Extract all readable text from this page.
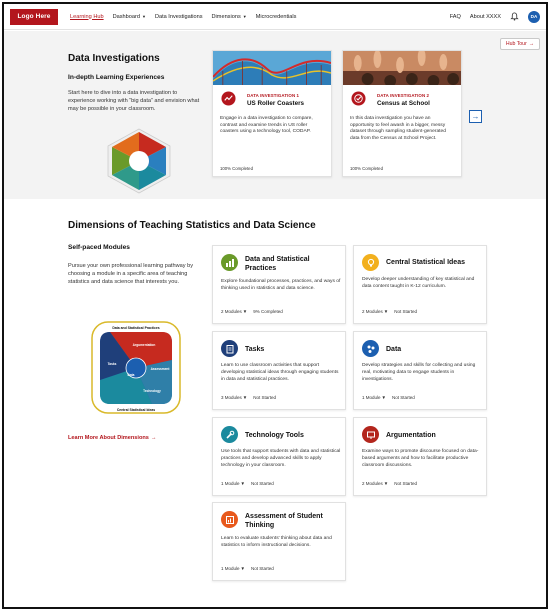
Logo Here	Learning Hub Dashboard ▼ Data Investigations Dimensions ▼ Microcredentials	FAQ About XXXX	DA
Hub Tour →
Data Investigations
In-depth Learning Experiences
Start here to dive into a data investigation to experience working with “big data” and envision what may be possible in your classroom.
DATA INVESTIGATION 1
US Roller Coasters
Engage in a data investigation to compare, contrast and examine trends in US roller coasters using a technology tool, CODAP.
100% Completed
DATA INVESTIGATION 2
Census at School
In this data investigation you have an opportunity to feel awash in a bigger, messy dataset through sampling student-generated data from the Census at School Project.
100% Completed
→
Dimensions of Teaching Statistics and Data Science
Self-paced Modules
Pursue your own professional learning pathway by choosing a module in a specific area of teaching statistics and data science that interests you.
Data and Statistical Practices
Central Statistical Ideas
Argumentation
Tasks
Assessment
Data
Technology
Learn More About Dimensions →
Data and Statistical Practices
Explore foundational processes, practices, and ways of thinking used in statistics and data science.
2 Modules ▼ 9% Completed
Central Statistical Ideas
Develop deeper understanding of key statistical and data content taught in K-12 curriculum.
2 Modules ▼ Not Started
Tasks
Learn to use classroom activities that support developing statistical ideas through engaging students in data and statistical practices.
3 Modules ▼ Not Started
Data
Develop strategies and skills for collecting and using real, motivating data to engage students in investigations.
1 Module ▼ Not Started
Technology Tools
Use tools that support students with data and statistical practices and develop advanced skills to apply technology in your classroom.
1 Module ▼ Not Started
Argumentation
Examine ways to promote discourse focused on data-based arguments and how to facilitate productive classroom discussions.
2 Modules ▼ Not Started
Assessment of Student Thinking
Learn to evaluate students' thinking about data and statistics to inform instructional decisions.
1 Module ▼ Not Started
